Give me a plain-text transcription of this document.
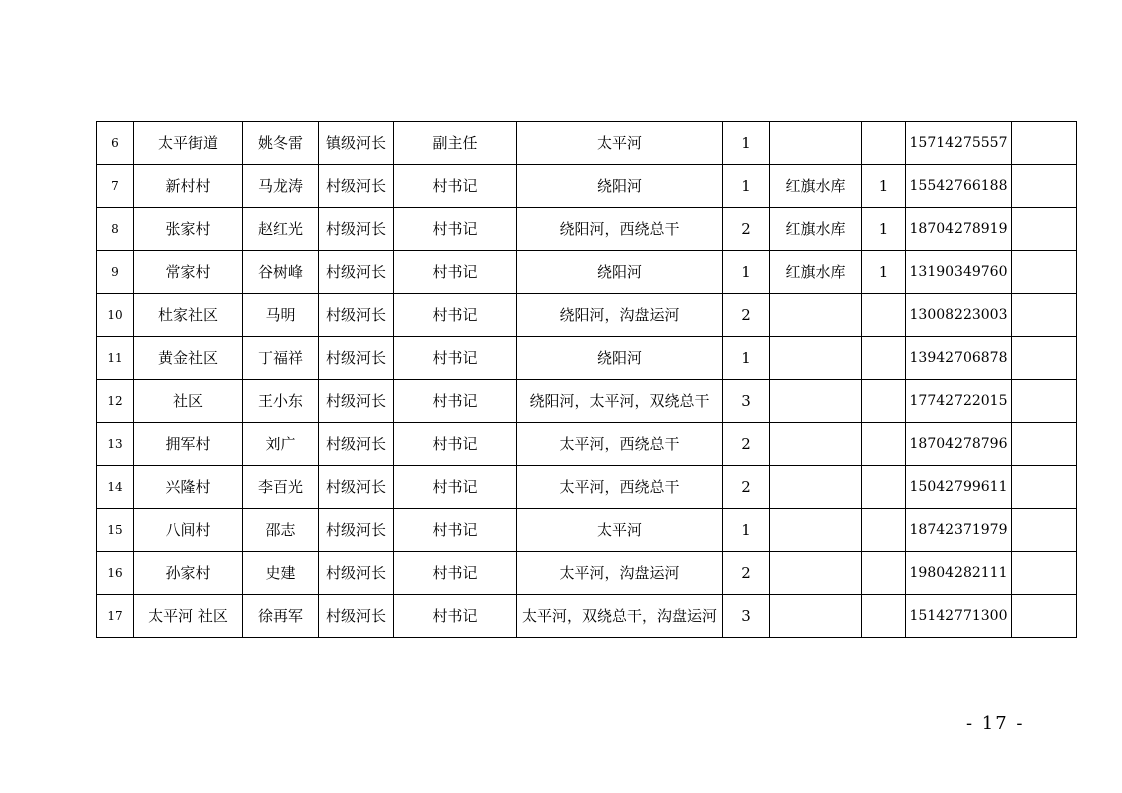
6	太平街道	姚冬雷	镇级河长	副主任	太平河	1			15714275557	
7	新村村	马龙涛	村级河长	村书记	绕阳河	1	红旗水库	1	15542766188	
8	张家村	赵红光	村级河长	村书记	绕阳河，西绕总干	2	红旗水库	1	18704278919	
9	常家村	谷树峰	村级河长	村书记	绕阳河	1	红旗水库	1	13190349760	
10	杜家社区	马明	村级河长	村书记	绕阳河，沟盘运河	2			13008223003	
11	黄金社区	丁福祥	村级河长	村书记	绕阳河	1			13942706878	
12	社区	王小东	村级河长	村书记	绕阳河，太平河，双绕总干	3			17742722015	
13	拥军村	刘广	村级河长	村书记	太平河，西绕总干	2			18704278796	
14	兴隆村	李百光	村级河长	村书记	太平河，西绕总干	2			15042799611	
15	八间村	邵志	村级河长	村书记	太平河	1			18742371979	
16	孙家村	史建	村级河长	村书记	太平河，沟盘运河	2			19804282111	
17	太平河 社区	徐再军	村级河长	村书记	太平河，双绕总干，沟盘运河	3			15142771300	
- 17 -
